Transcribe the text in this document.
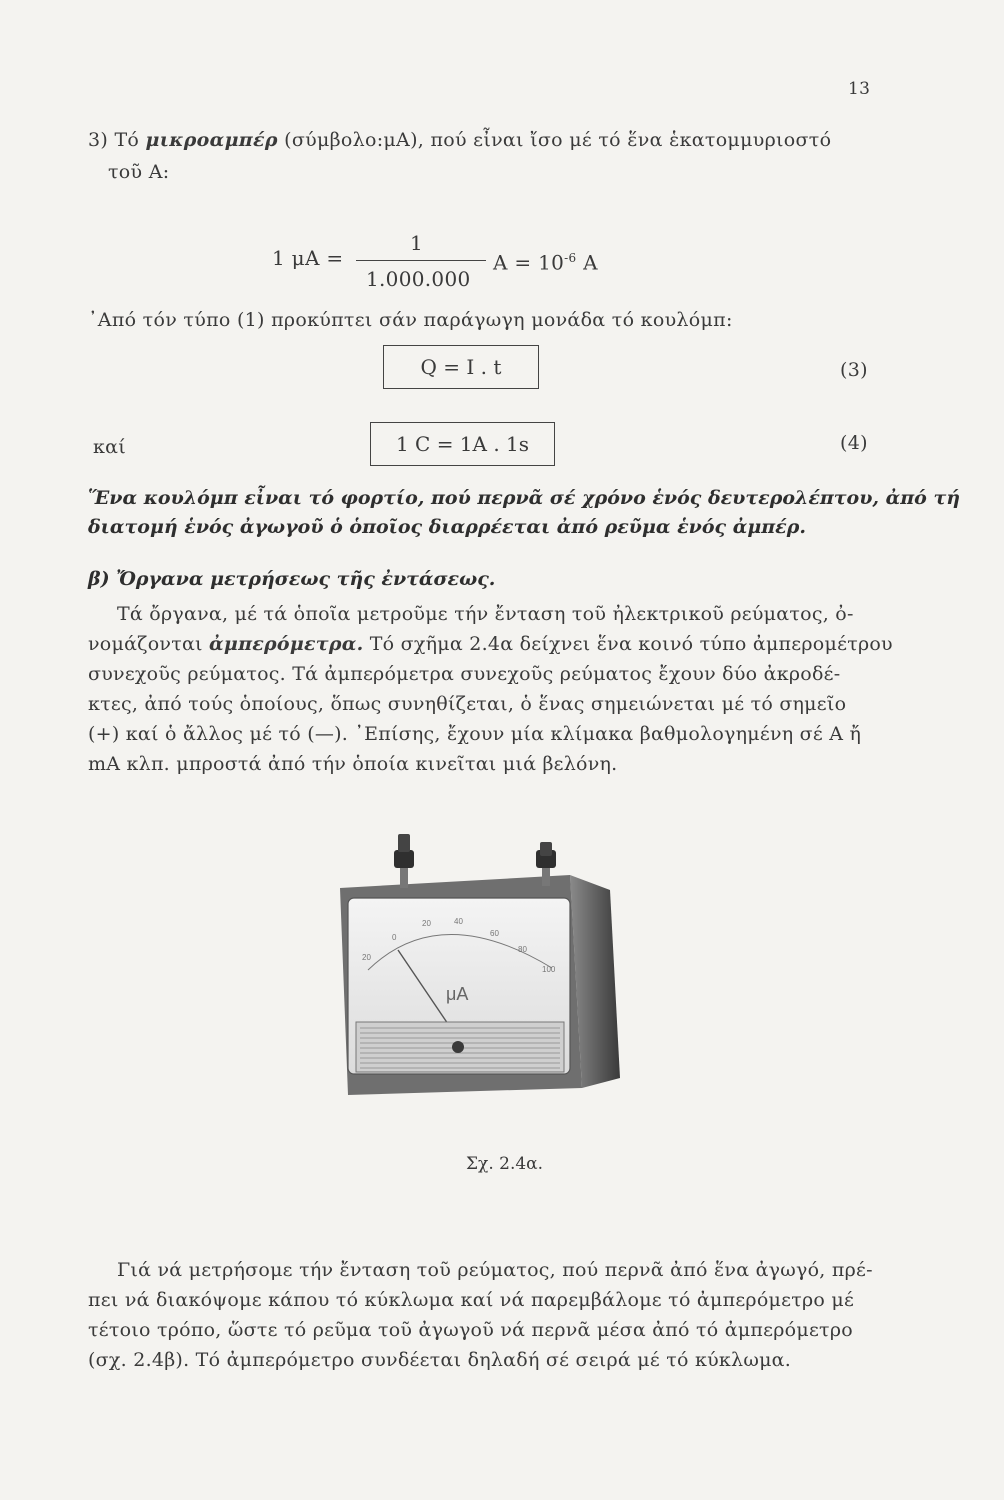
13
3) Τό μικροαμπέρ (σύμβολο:μA), πού εἶναι ἴσο μέ τό ἕνα ἑκατομμυριοστό
τοῦ A:
1 μA =
1
1.000.000
$A = 10^{-6}$ A
᾽Από τόν τύπο (1) προκύπτει σάν παράγωγη μονάδα τό κουλόμπ:
Q = I . t	(3)
καί	1 C = 1A . 1s	(4)
Ἕνα κουλόμπ εἶναι τό φορτίο, πού περνᾶ σέ χρόνο ἑνός δευτερολέπτου, ἀπό τή
διατομή ἑνός ἀγωγοῦ ὁ ὁποῖος διαρρέεται ἀπό ρεῦμα ἑνός ἀμπέρ.
β) Ὄργανα μετρήσεως τῆς ἐντάσεως.
Τά ὄργανα, μέ τά ὁποῖα μετροῦμε τήν ἔνταση τοῦ ἠλεκτρικοῦ ρεύματος, ὀ-
νομάζονται ἀμπερόμετρα. Τό σχῆμα 2.4α δείχνει ἕνα κοινό τύπο ἀμπερομέτρου
συνεχοῦς ρεύματος. Τά ἀμπερόμετρα συνεχοῦς ρεύματος ἔχουν δύο ἀκροδέ-
κτες, ἀπό τούς ὁποίους, ὅπως συνηθίζεται, ὁ ἕνας σημειώνεται μέ τό σημεῖο
(+) καί ὁ ἄλλος μέ τό (—). ᾽Επίσης, ἔχουν μία κλίμακα βαθμολογημένη σέ A ἤ
mA κλπ. μπροστά ἀπό τήν ὁποία κινεῖται μιά βελόνη.
20
0
20	40
60
80
100
μA
Σχ. 2.4α.
Γιά νά μετρήσομε τήν ἔνταση τοῦ ρεύματος, πού περνᾶ ἀπό ἕνα ἀγωγό, πρέ-
πει νά διακόψομε κάπου τό κύκλωμα καί νά παρεμβάλομε τό ἀμπερόμετρο μέ
τέτοιο τρόπο, ὥστε τό ρεῦμα τοῦ ἀγωγοῦ νά περνᾶ μέσα ἀπό τό ἀμπερόμετρο
(σχ. 2.4β). Τό ἀμπερόμετρο συνδέεται δηλαδή σέ σειρά μέ τό κύκλωμα.
